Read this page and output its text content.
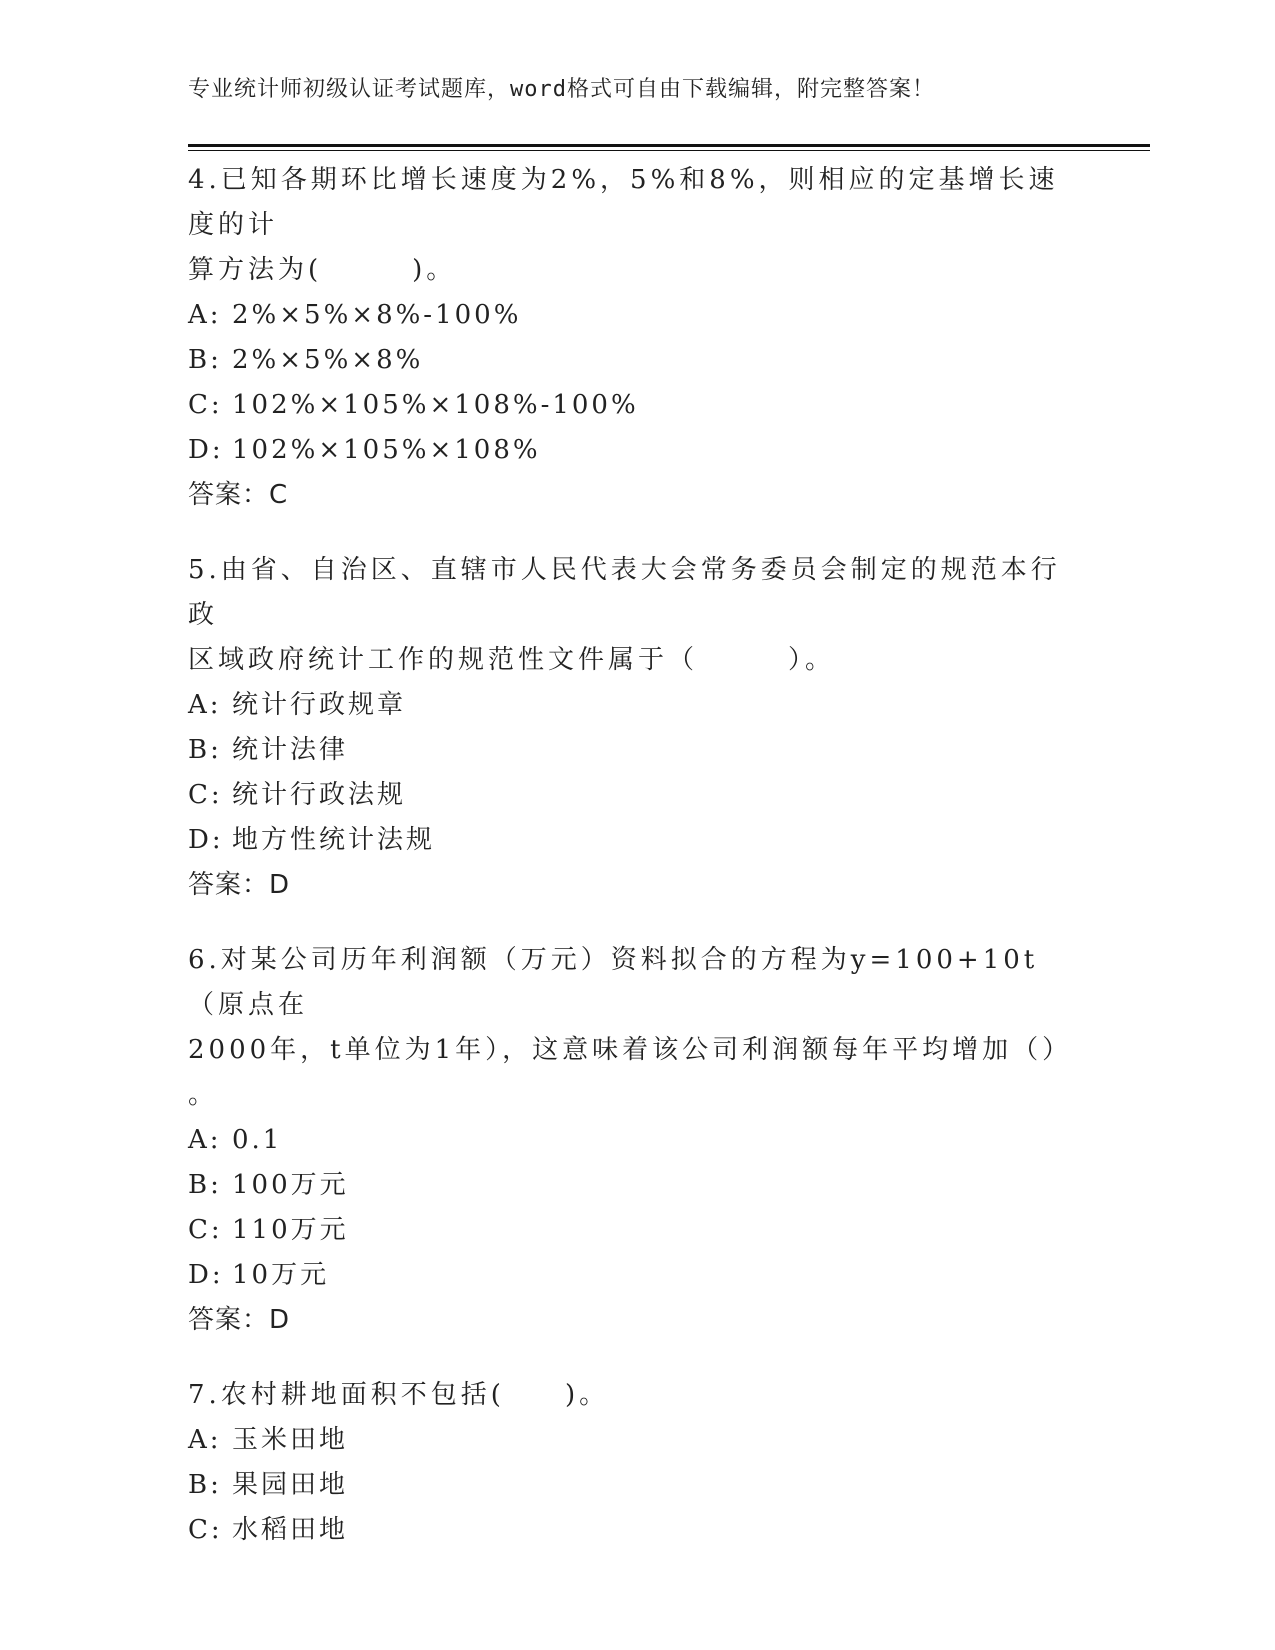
专业统计师初级认证考试题库，word格式可自由下载编辑，附完整答案！

4.已知各期环比增长速度为2%，5%和8%，则相应的定基增长速度的计

算方法为(　　　)。

A: 2%×5%×8%-100%

B: 2%×5%×8%

C: 102%×105%×108%-100%

D: 102%×105%×108%

答案：C

5.由省、自治区、直辖市人民代表大会常务委员会制定的规范本行政

区域政府统计工作的规范性文件属于（　　　）。

A: 统计行政规章

B: 统计法律

C: 统计行政法规

D: 地方性统计法规

答案：D

6.对某公司历年利润额（万元）资料拟合的方程为y=100+10t（原点在

2000年，t单位为1年），这意味着该公司利润额每年平均增加（）

。

A: 0.1

B: 100万元

C: 110万元

D: 10万元

答案：D

7.农村耕地面积不包括(　　)。

A: 玉米田地

B: 果园田地

C: 水稻田地
